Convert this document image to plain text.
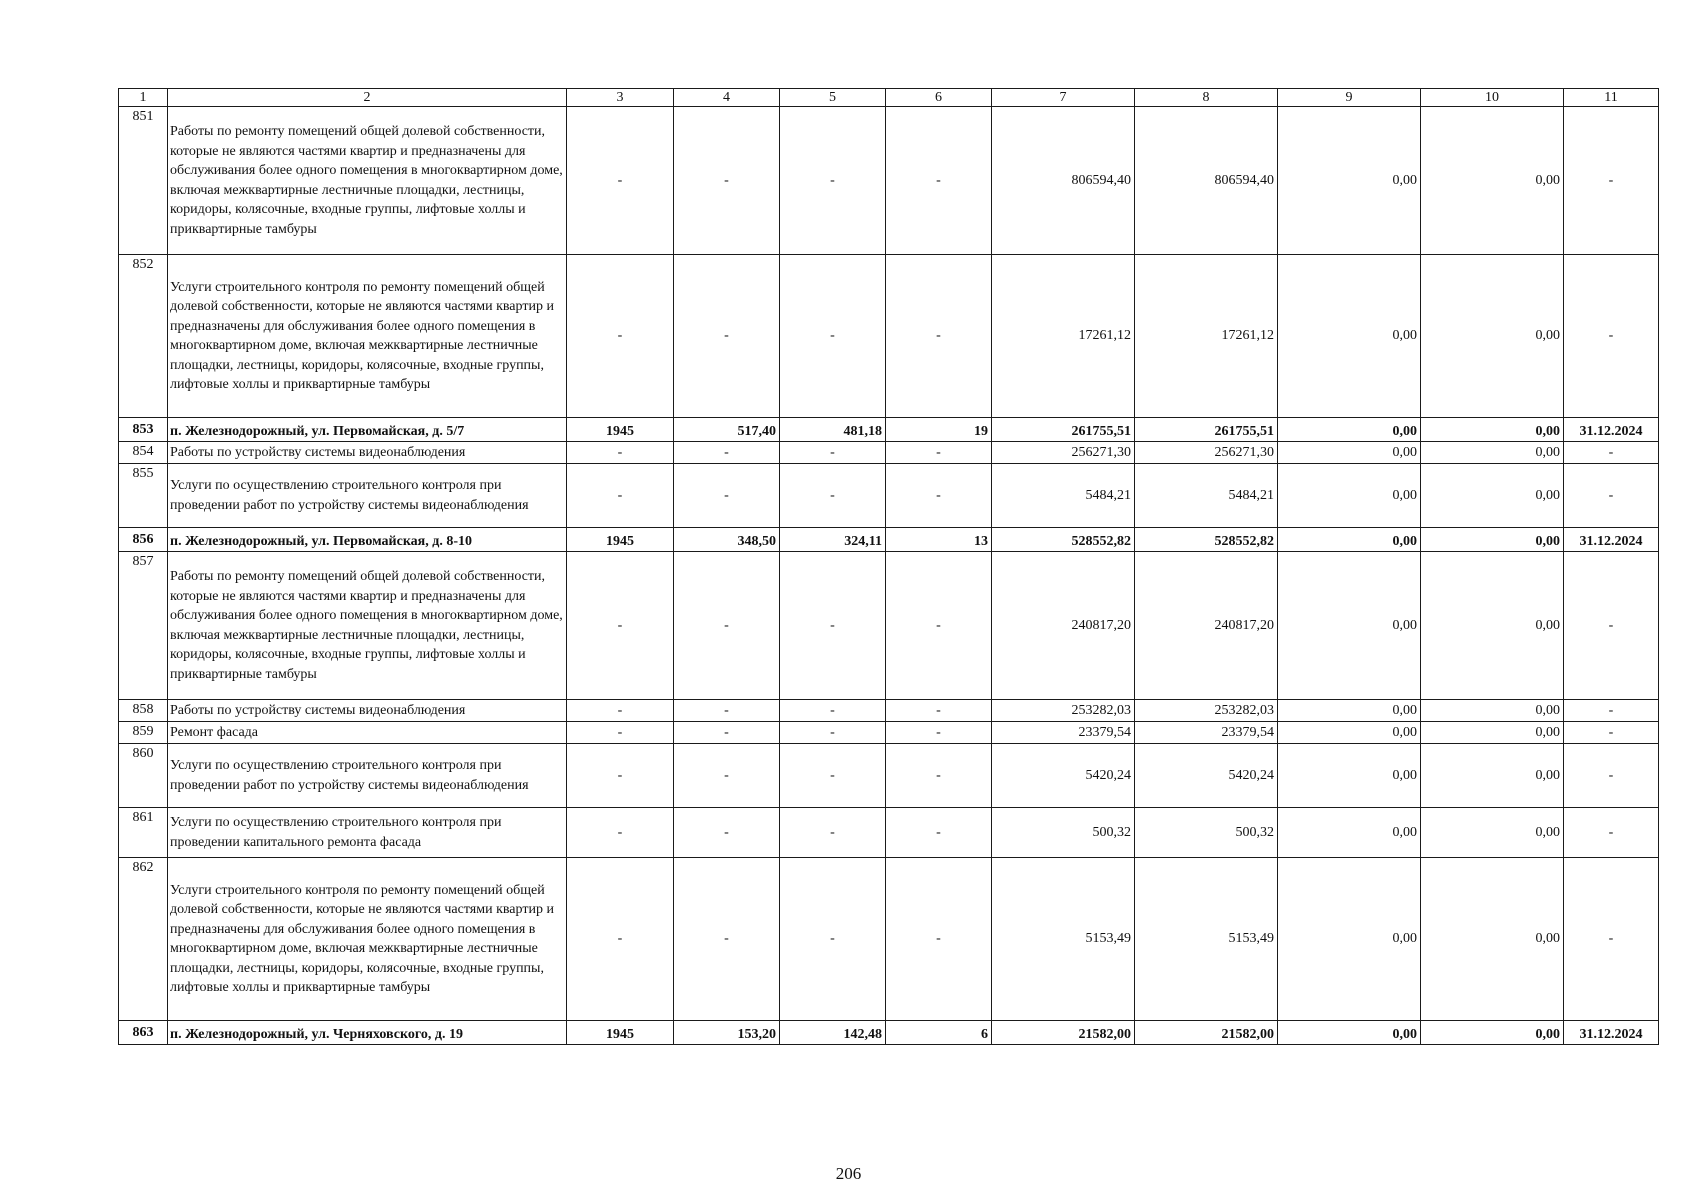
1	2	3	4	5	6	7	8	9	10	11
851	Работы по ремонту помещений общей долевой собственности, которые не являются частями квартир и предназначены для обслуживания более одного помещения в многоквартирном доме, включая межквартирные лестничные площадки, лестницы, коридоры, колясочные, входные группы, лифтовые холлы и приквартирные тамбуры	-	-	-	-	806594,40	806594,40	0,00	0,00	-
852	Услуги строительного контроля по ремонту помещений общей долевой собственности, которые не являются частями квартир и предназначены для обслуживания более одного помещения в многоквартирном доме, включая межквартирные лестничные площадки, лестницы, коридоры, колясочные, входные группы, лифтовые холлы и приквартирные тамбуры	-	-	-	-	17261,12	17261,12	0,00	0,00	-
853	п. Железнодорожный, ул. Первомайская, д. 5/7	1945	517,40	481,18	19	261755,51	261755,51	0,00	0,00	31.12.2024
854	Работы по устройству системы видеонаблюдения	-	-	-	-	256271,30	256271,30	0,00	0,00	-
855	Услуги по осуществлению строительного контроля при проведении работ по устройству системы видеонаблюдения	-	-	-	-	5484,21	5484,21	0,00	0,00	-
856	п. Железнодорожный, ул. Первомайская, д. 8-10	1945	348,50	324,11	13	528552,82	528552,82	0,00	0,00	31.12.2024
857	Работы по ремонту помещений общей долевой собственности, которые не являются частями квартир и предназначены для обслуживания более одного помещения в многоквартирном доме, включая межквартирные лестничные площадки, лестницы, коридоры, колясочные, входные группы, лифтовые холлы и приквартирные тамбуры	-	-	-	-	240817,20	240817,20	0,00	0,00	-
858	Работы по устройству системы видеонаблюдения	-	-	-	-	253282,03	253282,03	0,00	0,00	-
859	Ремонт фасада	-	-	-	-	23379,54	23379,54	0,00	0,00	-
860	Услуги по осуществлению строительного контроля при проведении работ по устройству системы видеонаблюдения	-	-	-	-	5420,24	5420,24	0,00	0,00	-
861	Услуги по осуществлению строительного контроля при проведении капитального ремонта фасада	-	-	-	-	500,32	500,32	0,00	0,00	-
862	Услуги строительного контроля по ремонту помещений общей долевой собственности, которые не являются частями квартир и предназначены для обслуживания более одного помещения в многоквартирном доме, включая межквартирные лестничные площадки, лестницы, коридоры, колясочные, входные группы, лифтовые холлы и приквартирные тамбуры	-	-	-	-	5153,49	5153,49	0,00	0,00	-
863	п. Железнодорожный, ул. Черняховского, д. 19	1945	153,20	142,48	6	21582,00	21582,00	0,00	0,00	31.12.2024
206
